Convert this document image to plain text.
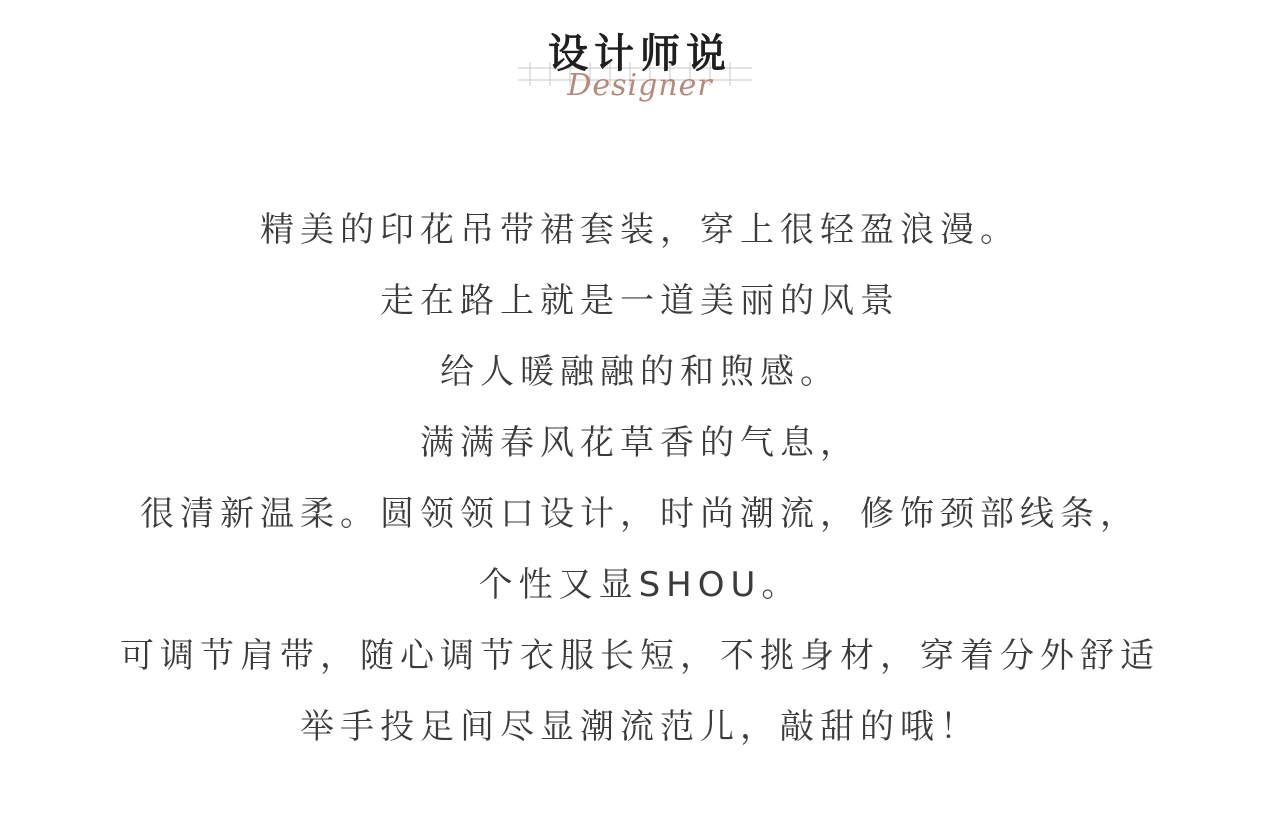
设计师说
Designer
精美的印花吊带裙套装，穿上很轻盈浪漫。
走在路上就是一道美丽的风景
给人暖融融的和煦感。
满满春风花草香的气息，
很清新温柔。圆领领口设计，时尚潮流，修饰颈部线条，
个性又显SHOU。
可调节肩带，随心调节衣服长短，不挑身材，穿着分外舒适
举手投足间尽显潮流范儿，敲甜的哦！
